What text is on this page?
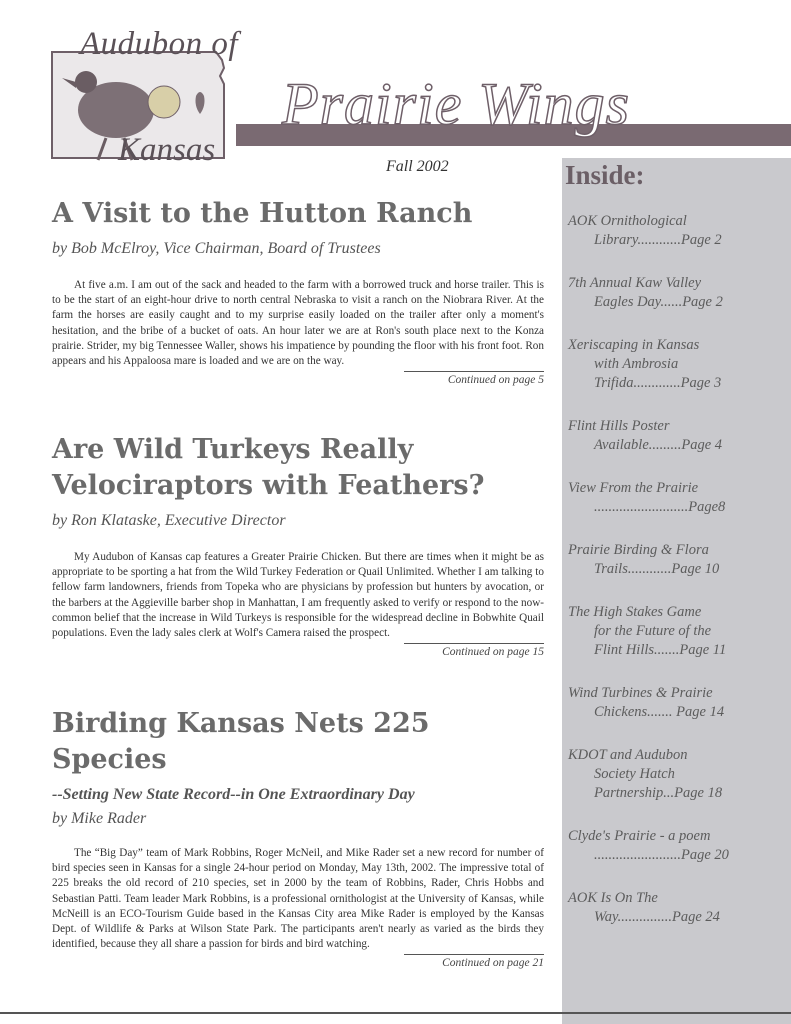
Audubon of
Prairie Wings
Kansas	Fall 2002	Inside:
AOK Ornithological
Library............Page 2
7th Annual Kaw Valley
Eagles Day......Page 2
Xeriscaping in Kansas
with Ambrosia
Trifida.............Page 3
Flint Hills Poster
Available.........Page 4
View From the Prairie
..........................Page8
Prairie Birding & Flora
Trails............Page 10
The High Stakes Game
for the Future of the
Flint Hills.......Page 11
Wind Turbines & Prairie
Chickens....... Page 14
KDOT and Audubon
Society Hatch
Partnership...Page 18
Clyde's Prairie - a poem
........................Page 20
AOK Is On The
Way...............Page 24
A Visit to the Hutton Ranch

by Bob McElroy, Vice Chairman, Board of Trustees

At five a.m. I am out of the sack and headed to the farm with a borrowed truck and horse trailer. This is to be the start of an eight-hour drive to north central Nebraska to visit a ranch on the Niobrara River. At the farm the horses are easily caught and to my surprise easily loaded on the trailer after only a moment's hesitation, and the bribe of a bucket of oats. An hour later we are at Ron's south place next to the Konza prairie. Strider, my big Tennessee Waller, shows his impatience by pounding the floor with his front foot. Ron appears and his Appaloosa mare is loaded and we are on the way.

Continued on page 5
Are Wild Turkeys Really
Velociraptors with Feathers?

by Ron Klataske, Executive Director

My Audubon of Kansas cap features a Greater Prairie Chicken. But there are times when it might be as appropriate to be sporting a hat from the Wild Turkey Federation or Quail Unlimited. Whether I am talking to fellow farm landowners, friends from Topeka who are physicians by profession but hunters by avocation, or the barbers at the Aggieville barber shop in Manhattan, I am frequently asked to verify or respond to the now-common belief that the increase in Wild Turkeys is responsible for the widespread decline in Bobwhite Quail populations. Even the lady sales clerk at Wolf's Camera raised the prospect.

Continued on page 15
Birding Kansas Nets 225 Species

--Setting New State Record--in One Extraordinary Day

by Mike Rader

The “Big Day” team of Mark Robbins, Roger McNeil, and Mike Rader set a new record for number of bird species seen in Kansas for a single 24-hour period on Monday, May 13th, 2002. The impressive total of 225 breaks the old record of 210 species, set in 2000 by the team of Robbins, Rader, Chris Hobbs and Sebastian Patti. Team leader Mark Robbins, is a professional ornithologist at the University of Kansas, while McNeill is an ECO-Tourism Guide based in the Kansas City area Mike Rader is employed by the Kansas Dept. of Wildlife & Parks at Wilson State Park. The participants aren't nearly as varied as the birds they identified, because they all share a passion for birds and bird watching.

Continued on page 21
